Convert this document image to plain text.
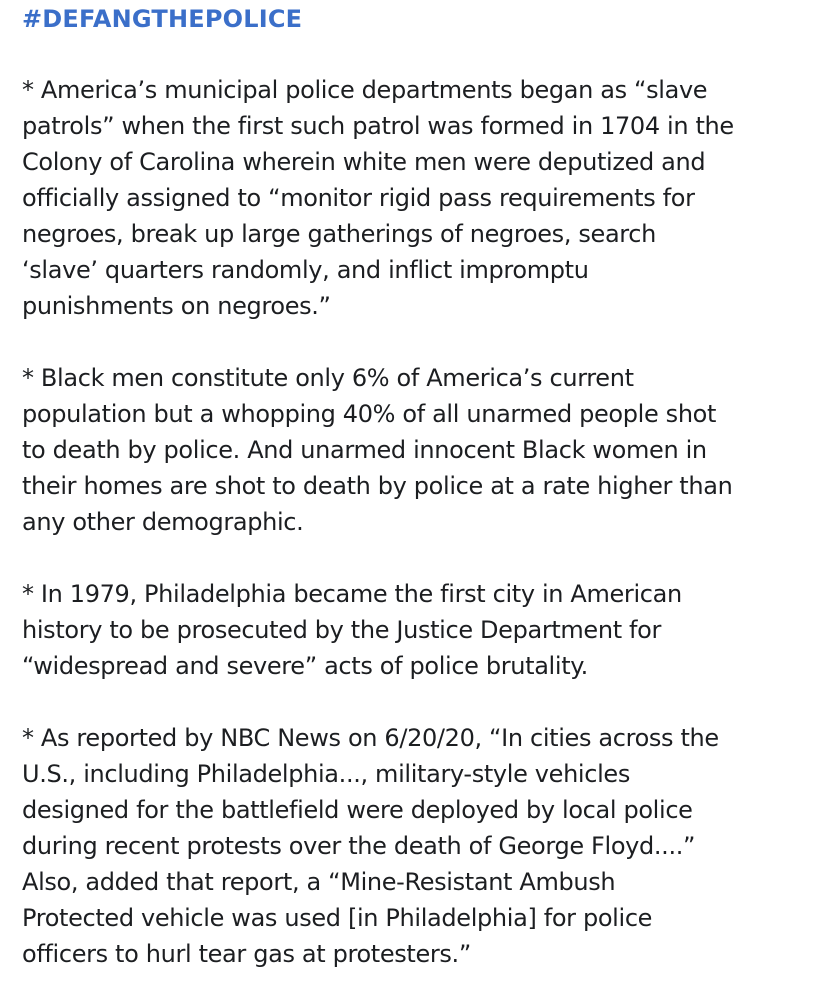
#DEFANGTHEPOLICE

* America’s municipal police departments began as “slave
patrols” when the first such patrol was formed in 1704 in the
Colony of Carolina wherein white men were deputized and
officially assigned to “monitor rigid pass requirements for
negroes, break up large gatherings of negroes, search
‘slave’ quarters randomly, and inflict impromptu
punishments on negroes.”

* Black men constitute only 6% of America’s current
population but a whopping 40% of all unarmed people shot
to death by police. And unarmed innocent Black women in
their homes are shot to death by police at a rate higher than
any other demographic.

* In 1979, Philadelphia became the first city in American
history to be prosecuted by the Justice Department for
“widespread and severe” acts of police brutality.

* As reported by NBC News on 6/20/20, “In cities across the
U.S., including Philadelphia..., military-style vehicles
designed for the battlefield were deployed by local police
during recent protests over the death of George Floyd....”
Also, added that report, a “Mine-Resistant Ambush
Protected vehicle was used [in Philadelphia] for police
officers to hurl tear gas at protesters.”
